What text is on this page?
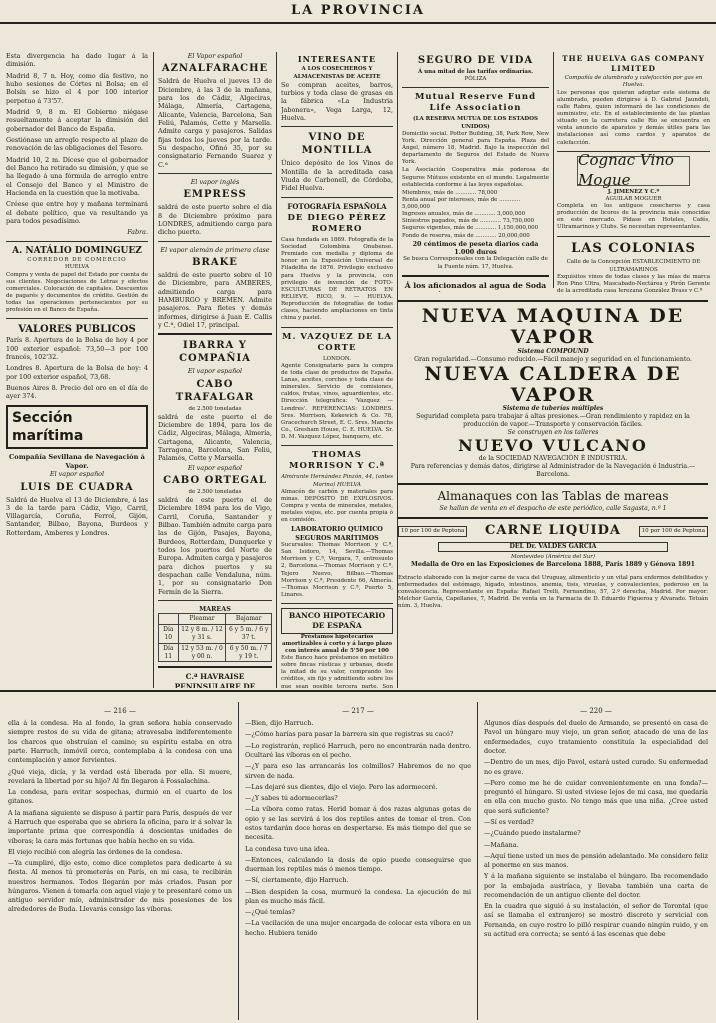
LA PROVINCIA

Esta divergencia ha dado lugar á la dimisión.

Madrid 8, 7 n. Hoy, como día festivo, no hubo sesiones de Córtes ni Bolsa; en el Bolsín se hizo el 4 por 100 interior perpetuo á 73'57.

Madrid 9, 8 m. El Gobierno niégase resueltamente á aceptar la dimisión del gobernador del Banco de España.

Gestiónase un arreglo respecto al plazo de renovación de las obligaciones del Tesoro.

Madrid 10, 2 m. Dícese que el gobernador del Banco ha retirado su dimisión, y que se ha llegado á una fórmula de arreglo entre el Consejo del Banco y el Ministro de Hacienda en la cuestión que la motivaba.

Créese que entre hoy y mañana terminará el debate político, que va resultando ya para todos pesadísimo.

Fabra.

A. NATÁLIO DOMINGUEZ
CORREDOR DE COMERCIO
HUELVA

Compra y venta de papel del Estado por cuenta de sus clientes. Negociaciones de Letras y efectos comerciales. Colocación de capitales. Descuentos de pagarés y documentos de crédito. Gestión de todas las operaciones pertenecientes por su profesión en el Banco de España.

VALORES PUBLICOS

París 8. Apertura de la Bolsa de hoy 4 por 100 exterior español: 73,50—3 por 100 francés, 102'32.

Londres 8. Apertura de la Bolsa de hoy: 4 por 100 exterior español, 73,68.

Buenos Aires 8. Precio del oro en el día de ayer 374.

Sección marítima
Compañía Sevillana de Navegación á Vapor.
El vapor español
LUIS DE CUADRA

Saldrá de Huelva el 13 de Diciembre, á las 3 de la tarde para Cádiz, Vigo, Carril, Villagarcía, Coruña, Ferrol, Gijón, Santander, Bilbao, Bayona, Burdeos y Rotterdam, Amberes y Londres.

El Vapor español
AZNALFARACHE

Saldrá de Huelva el jueves 13 de Diciembre, á las 3 de la mañana, para los de Cádiz, Algeciras, Málaga, Almería, Cartagena, Alicante, Valencia, Barcelona, San Feliú, Palamós, Cette y Marsella. Admite carga y pasajeros. Salidas fijas todos los jueves por la tarde. Su despacho, Ofinó 35, por su consignatario Fernando Suarez y C.ª

El vapor inglés
EMPRESS

saldrá de este puerto sobre el día 8 de Diciembre próximo para LONDRES, admitiendo carga para dicho puerto.

El vapor alemán de primera clase
BRAKE

saldrá de este puerto sobre el 10 de Diciembre, para AMBERES, admitiendo carga para HAMBURGO y BREMEN. Admite pasajeros. Para fletes y demás informes, dirigirse á Juan E. Callis y C.ª, Odiel 17, principal.

IBARRA Y COMPAÑIA
El vapor español
CABO TRAFALGAR
de 2.500 toneladas

saldrá de este puerto el de Diciembre de 1894, para los de Cádiz, Algeciras, Málaga, Almería, Cartagena, Alicante, Valencia, Tarragona, Barcelona, San Feliú, Palamós, Cette y Marsella.

El vapor español
CABO ORTEGAL
de 2.500 toneladas

saldrá de este puerto el de Diciembre 1894 para los de Vigo, Carril, Coruña, Santander y Bilbao. También admite carga para las de Gijón, Pasajes, Bayona, Burdeos, Rotterdam, Dunquerke y todos los puertos del Norte de Europa. Admiten carga y pasajeros para dichos puertos y su despachan calle Vendaluna, núm. 1, por su consignatario Don Fermín de la Sierra.

MAREAS
	Pleamar	Bajamar
Día 10	12 y 8 m. / 12 y 31 s.	6 y 5 m. / 6 y 37 t.
Día 11	12 y 53 m. / 0 y 00 n.	6 y 50 m. / 7 y 19 t.
C.ª HAVRAISE PENINSULAIRE DE

INTERESANTE
A LOS COSECHEROS Y ALMACENISTAS DE ACEITE

Se compran aceites, barros, turbios y toda clase de grasas en la fábrica «La Industria Jabonera», Vega Larga, 12, Huelva.

VINO DE MONTILLA

Único depósito de los Vinos de Montilla de la acreditada casa Viuda de Carbonell, de Córdoba, Fidel Huelva.

FOTOGRAFÍA ESPAÑOLA
DE DIEGO PÉREZ ROMERO

Casa fundada en 1869. Fotografía de la Sociedad Colombina Onubense. Premiado con medalla y diploma de honor en la Exposición Universal de Filadelfia de 1876. Privilegio exclusivo para Huelva y la provincia, con privilegio de invención de FOTO-ESCULTURAS DE RETRATOS EN RELIEVE. RICO, 9. — HUELVA. Reproducción de fotografías de todas clases, haciendo ampliaciones en tinta china y pastel.

M. VAZQUEZ DE LA CORTE
LONDON.

Agente Consignatario para la compra de toda clase de productos de España. Lanas, aceites, corchos y toda clase de minerales. Servicio de comisiones, caldos, frutas, vinos, aguardientes, etc. Dirección telegráfica: 'Vazquez — Londres'. REFERENCIAS: LONDRES. Sres. Morrison, Kekewich & Co. 78, Gracechurch Street, E. C. Sres. Manchs Co., Gresham House, C. E. HUELVA. Sr. D. M. Vazquez López, banquero, etc.

THOMAS MORRISON Y C.ª
Almirante Hernández Pinzón, 44, (antes Marina) HUELVA

Almacén de carbón y materiales para minas. DEPÓSITO DE EXPLOSIVOS. Compra y venta de minerales, metales, metales viejos, etc. por cuenta propia ó en comisión.

LABORATORIO QUÍMICO
SEGUROS MARÍTIMOS

Sucursales: Thomas Morrison y C.ª, San Isidoro, 14, Sevilla.—Thomas Morrison y C.ª, Vergara, 7, entresuelo 2, Barcelona.—Thomas Morrison y C.ª, Tejero Nuevo, Bilbao.—Thomas Morrison y C.ª, Presidente 66, Almería.—Thomas Morrison y C.ª, Puerto 5, Linares.

BANCO HIPOTECARIO DE ESPAÑA
Préstamos hipotecarios amortizables á corto y á largo plazo con interés anual de 5'50 por 100

Este Banco hace préstamos en metálico sobre fincas rústicas y urbanas, desde la mitad de su valor, comprando los créditos, sin fijo y admitiendo sobre los que sean posible tercera parte. Son

SEGURO DE VIDA
Á una mitad de las tarifas ordinarias.
PÓLIZA
Mutual Reserve Fund Life Association
(LA RESERVA MUTUA DE LOS ESTADOS UNIDOS)

Domicilio social. Potter Building, 38, Park Row, New York. Dirección general para España. Plaza del Ángel, número 18, Madrid. Bajo la inspección del departamento de Seguros del Estado de Nueva York.

La Asociación Cooperativa más poderosa de Seguros Mútuos existente en el mundo. Legalmente establecida conforme á las leyes españolas.

Miembros, más de ............ 78,000
Renta anual por intereses, más de ............ 5,000,000
Ingresos anuales, más de ............ 3,000,000
Siniestros pagados, más de ............ 73,750,000
Seguros vigentes, más de ............ 1,150,000,000
Fondo de reserva, más de ............ 20,000,000
20 céntimos de peseta diarios cada 1.000 duros
Se busca Corresponsales con la Delegación calle de la Fuente núm. 17, Huelva.
Á los aficionados al agua de Soda

THE HUELVA GAS COMPANY LIMITED
Compañía de alumbrado y calefacción por gas en Huelva.

Los personas que quieran adoptar este sistema de alumbrado, pueden dirigirse á D. Gabriel Jaundeli, calle Rabra, quien informará de las condiciones de suministro, etc. En el establecimiento de las plantas situado en la carretera calle Rio se encuentra en venta anuncio de aparatos y demás útiles para las instalaciones así como cardos y aparatos de calefacción.

Cognac Vino Mogue
J. JIMENEZ Y C.ª
AGUILAR MOGUER

Completa en los antiguos cosecheros y casa producción de licores de la provincia más conocidas en este mercado. Pídase en Hoteles, Cafés, Ultramarinos y Clubs. Se necesitan representantes.

LAS COLONIAS
Calle de la Concepción ESTABLECIMIENTO DE ULTRAMARINOS

Exquisitos vinos de todas clases y las mías de marca Ron Pino Ultra, Mascabado-Nectárea y Pirón Gerente de la acreditada casa Jerezana González Byass y C.ª

NUEVA MAQUINA DE VAPOR
Sistema COMPOUND
Gran regularidad.—Consumo reducido.—Fácil manejo y seguridad en el funcionamiento.
NUEVA CALDERA DE VAPOR
Sistema de tuberías múltiples
Seguridad completa para trabajar á altas presiones.—Gran rendimiento y rapidez en la producción de vapor.—Transporte y conservación fáciles.
Se construyen en los talleres
NUEVO VULCANO
de la SOCIEDAD NAVEGACIÓN É INDUSTRIA.
Para referencias y demás datos, dirigirse al Administrador de la Navegación é Industria.—Barcelona.
Almanaques con las Tablas de mareas
Se hallan de venta en el despacho de este periódico, calle Sagasta, n.º 1
10 por 100 de Peptona CARNE LIQUIDA	10 por 100 de Peptona
DEL Dr. VALDÉS GARCÍA
Montevideo (América del Sur)
Medalla de Oro en las Exposiciones de Barcelona 1888, París 1889 y Génova 1891

Extracto elaborado con la mejor carne de vaca del Uruguay, alimenticio y un vital para enfermos debilitados y enfermedades del estómago, hígado, intestinos, anemia, tisis, viruelas, y convalecientes, poderoso en la convalecencia. Representante en España: Rafael Trelli, Fernandino, 57, 2.º derecha, Madrid. Por mayor: Melchor García, Capellanes, 7, Madrid. De venta en la Farmacia de D. Eduardo Figueroa y Alvarado. Tetuán núm. 3, Huelva.

— 216 —

ella á la condesa. Ha al fondo, la gran señora había conservado siempre restos de su vida de gitana; atravesaba indiferentemente los charcos que obstruían el camino; su espíritu estaba en otra parte. Harruch, inmóvil cerca, contemplaba á la condesa con una contemplación y amor fervientes.

¿Qué vieja, dicía, y la verdad está liberada por ella. Si muere, revelará la libertad por su hijo? Al fin llegaron á Fossalachina.

La condesa, para evitar sospechas, durmió en el cuarto de los gitanos.

A la mañana siguiente se dispuso á partir para París, después de ver á Harruch que esperaba que se abriera la oficina, para ir á solvar la importante prima que correspondía á doscientas unidades de víboras; la cara más fortunas que había hecho en su vida.

El viejo recibió con alegría las órdenes de la condesa.

—Ya cumpliré, dijo esto, como dice completos para dedicarte á su fiesta. Al menos tú prometerás en París, en mi casa, te recibirán nuestros hermanos. Todos llegarán por más criados. Pasan por húngaros. Vienen á tomarla con aquel viaje y te presentaré como un antiguo servidor mío, administrador de mis posesiones de los alrededores de Buda. Llevarás consigo las víboras.

— 217 —

—Bien, dijo Harruch.

—¿Cómo harías para pasar la barrera sin que registras su cacó?

—Lo registrarán, replicó Harruch, pero no encontrarán nada dentro. Ocultaré las víboras en el pecho.

—¿Y para eso las arrancarás los colmillos? Habremos de no que sirven de nada.

—Las dejaré sus dientes, dijo el viejo. Pero las adormeceré.

—¿Y sabes tú adormecerlas?

—La víbora como ratas. Herid bomar á dos razas algunas gotas de opio y se las servirá á los dos reptiles antes de tomar el tren. Con estos tardarán doce horas en despertarse. Es más tiempo del que se necesita.

La condesa tuvo una idea.

—Entonces, calculando la dosis de opio puede conseguirse que duerman los reptiles más ó menos tiempo.

—Sí, ciertamente, dijo Harruch.

—Bien despiden la cosa, murmuró la condesa. La ejecución de mi plan es mucho más fácil.

—¿Qué temías?

—La vacilación de una mujer encargada de colocar esta víbora en un hecho. Hubiera tenido

— 220 —

Algunos días después del duelo de Armando, se presentó en casa de Pavol un húngaro muy viejo, un gran señor, atacado de una de las enfermedades, cuyo tratamiento constituía la especialidad del doctor.

—Dentro de un mes, dijo Pavol, estará usted curado. Su enfermedad no es grave.

—Pero como me he de cuidar convenientemente en una fonda?—preguntó el húngaro. Si usted viviese lejos de mi casa, me quedaría en ella con mucho gusto. No tengo más que una niña. ¿Cree usted que será suficiente?

—Sí es verdad?

—¿Cuándo puedo instalarme?

—Mañana.

—Aquí tiene usted un mes de pensión adelantado. Me considero feliz al ponerme en sus manos.

Y á la mañana siguiente se instalaba el húngaro. Iba recomendado por la embajada austríaca, y llevaba también una carta de recomendación de un antiguo cliente del doctor.

En la cuadra que siguió á su instalación, el señor de Torontal (que así se llamaba el extranjero) se mostró discreto y servicial con Fernanda, en cuyo rostro lo pilló respirar cuando ningún ruido, y en su actitud era correcta; se sentó á las escenas que debe
